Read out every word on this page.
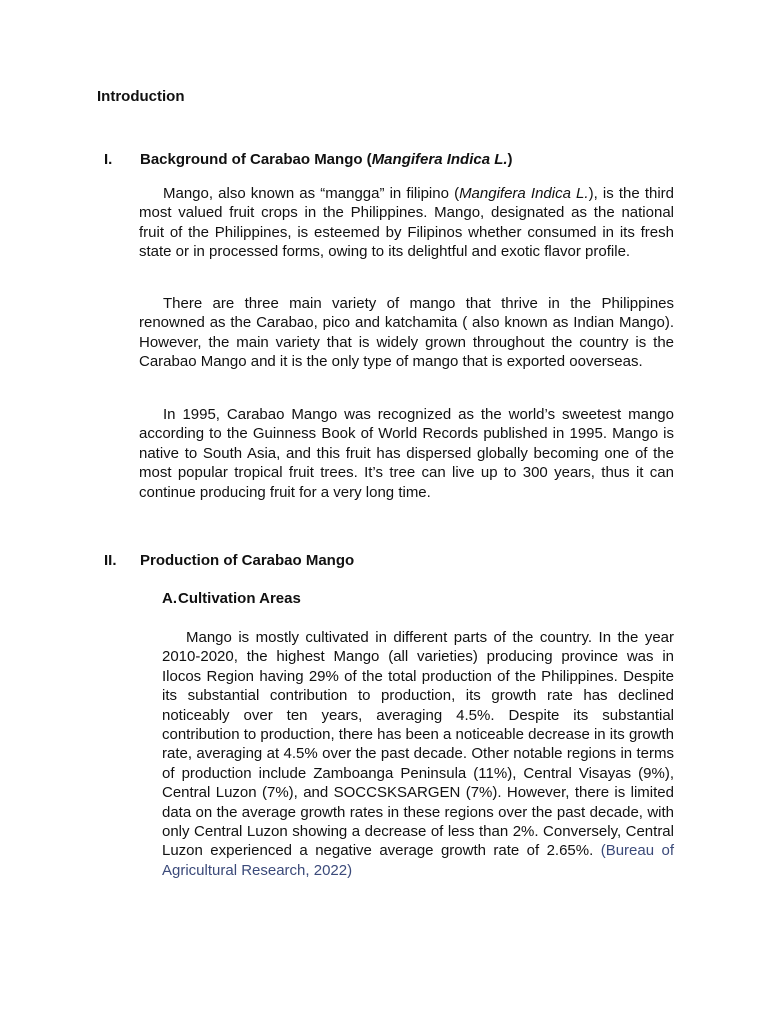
Introduction
I. Background of Carabao Mango (Mangifera Indica L.)

Mango, also known as “mangga” in filipino (Mangifera Indica L.), is the third most valued fruit crops in the Philippines. Mango, designated as the national fruit of the Philippines, is esteemed by Filipinos whether consumed in its fresh state or in processed forms, owing to its delightful and exotic flavor profile.

There are three main variety of mango that thrive in the Philippines renowned as the Carabao, pico and katchamita ( also known as Indian Mango). However, the main variety that is widely grown throughout the country is the Carabao Mango and it is the only type of mango that is exported ooverseas.

In 1995, Carabao Mango was recognized as the world’s sweetest mango according to the Guinness Book of World Records published in 1995. Mango is native to South Asia, and this fruit has dispersed globally becoming one of the most popular tropical fruit trees. It’s tree can live up to 300 years, thus it can continue producing fruit for a very long time.

II. Production of Carabao Mango
A.Cultivation Areas

Mango is mostly cultivated in different parts of the country. In the year 2010-2020, the highest Mango (all varieties) producing province was in Ilocos Region having 29% of the total production of the Philippines. Despite its substantial contribution to production, its growth rate has declined noticeably over ten years, averaging 4.5%. Despite its substantial contribution to production, there has been a noticeable decrease in its growth rate, averaging at 4.5% over the past decade. Other notable regions in terms of production include Zamboanga Peninsula (11%), Central Visayas (9%), Central Luzon (7%), and SOCCSKSARGEN (7%). However, there is limited data on the average growth rates in these regions over the past decade, with only Central Luzon showing a decrease of less than 2%. Conversely, Central Luzon experienced a negative average growth rate of 2.65%. (Bureau of Agricultural Research, 2022)
